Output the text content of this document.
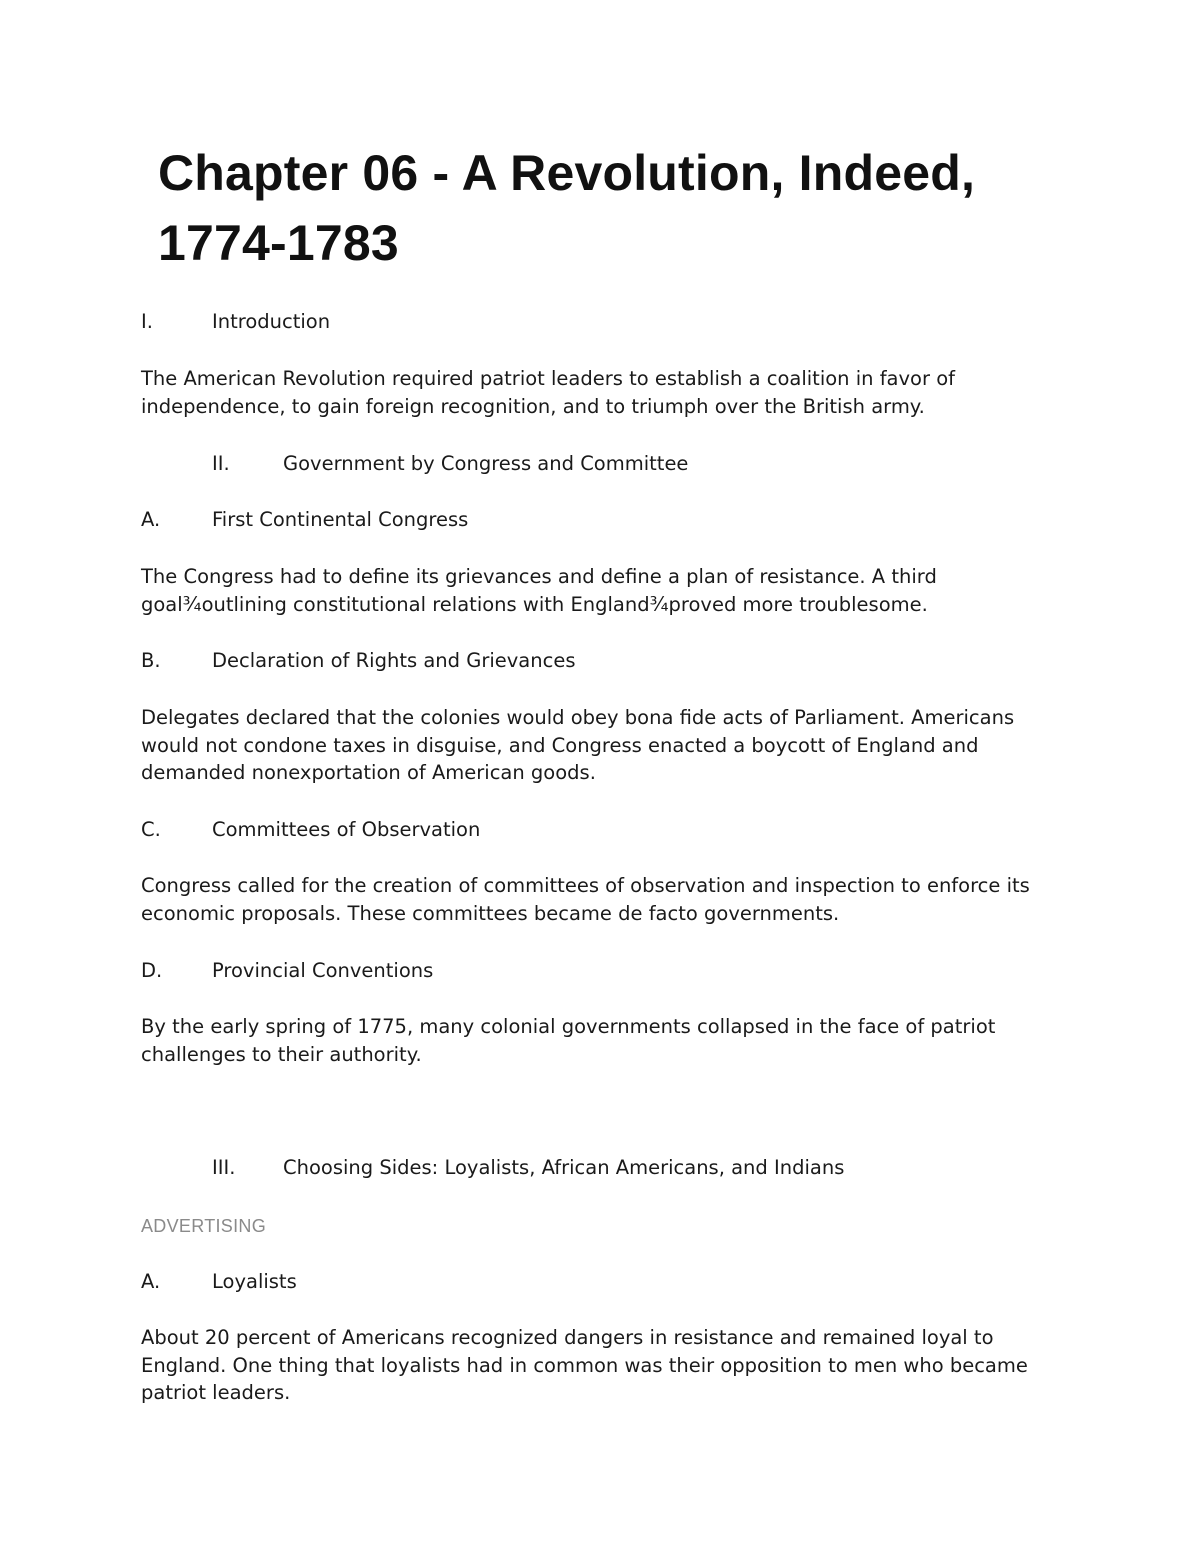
Chapter 06 - A Revolution, Indeed,
1774-1783
I.	Introduction
The American Revolution required patriot leaders to establish a coalition in favor of
independence, to gain foreign recognition, and to triumph over the British army.
II.	Government by Congress and Committee
A.	First Continental Congress
The Congress had to define its grievances and define a plan of resistance. A third
goal¾outlining constitutional relations with England¾proved more troublesome.
B.	Declaration of Rights and Grievances
Delegates declared that the colonies would obey bona fide acts of Parliament. Americans
would not condone taxes in disguise, and Congress enacted a boycott of England and
demanded nonexportation of American goods.
C.	Committees of Observation
Congress called for the creation of committees of observation and inspection to enforce its
economic proposals. These committees became de facto governments.
D.	Provincial Conventions
By the early spring of 1775, many colonial governments collapsed in the face of patriot
challenges to their authority.
III. Choosing Sides: Loyalists, African Americans, and Indians
ADVERTISING
A.	Loyalists
About 20 percent of Americans recognized dangers in resistance and remained loyal to
England. One thing that loyalists had in common was their opposition to men who became
patriot leaders.
